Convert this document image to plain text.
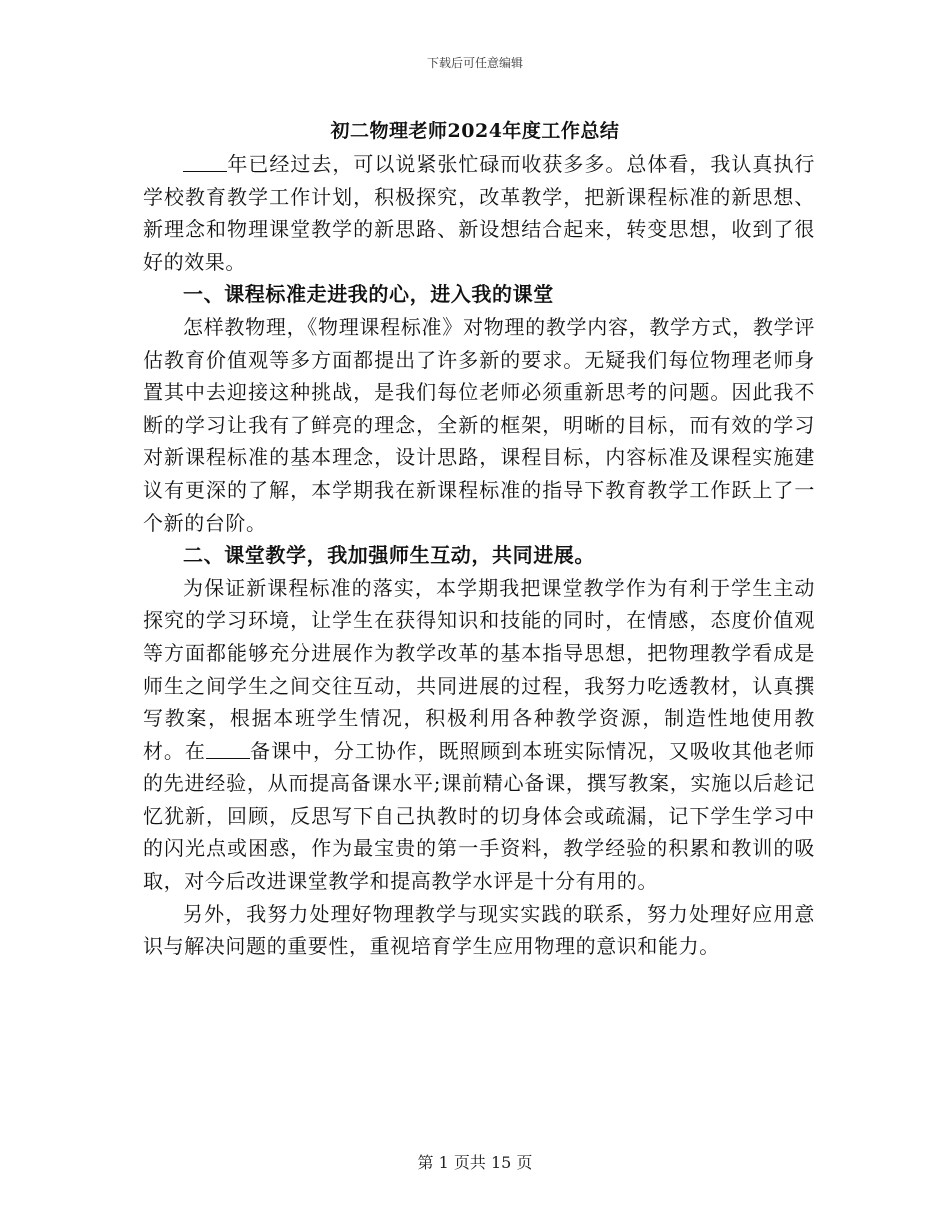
下载后可任意编辑
初二物理老师2024年度工作总结

年已经过去，可以说紧张忙碌而收获多多。总体看，我认真执行学校教育教学工作计划，积极探究，改革教学，把新课程标准的新思想、新理念和物理课堂教学的新思路、新设想结合起来，转变思想，收到了很好的效果。

一、课程标准走进我的心，进入我的课堂

怎样教物理，《物理课程标准》对物理的教学内容，教学方式，教学评估教育价值观等多方面都提出了许多新的要求。无疑我们每位物理老师身置其中去迎接这种挑战，是我们每位老师必须重新思考的问题。因此我不断的学习让我有了鲜亮的理念，全新的框架，明晰的目标，而有效的学习对新课程标准的基本理念，设计思路，课程目标，内容标准及课程实施建议有更深的了解，本学期我在新课程标准的指导下教育教学工作跃上了一个新的台阶。

二、课堂教学，我加强师生互动，共同进展。

为保证新课程标准的落实，本学期我把课堂教学作为有利于学生主动探究的学习环境，让学生在获得知识和技能的同时，在情感，态度价值观等方面都能够充分进展作为教学改革的基本指导思想，把物理教学看成是师生之间学生之间交往互动，共同进展的过程，我努力吃透教材，认真撰写教案，根据本班学生情况，积极利用各种教学资源，制造性地使用教材。在 备课中，分工协作，既照顾到本班实际情况，又吸收其他老师的先进经验，从而提高备课水平;课前精心备课，撰写教案，实施以后趁记忆犹新，回顾，反思写下自己执教时的切身体会或疏漏，记下学生学习中的闪光点或困惑，作为最宝贵的第一手资料，教学经验的积累和教训的吸取，对今后改进课堂教学和提高教学水评是十分有用的。

另外，我努力处理好物理教学与现实实践的联系，努力处理好应用意识与解决问题的重要性，重视培育学生应用物理的意识和能力。

第 1 页共 15 页
